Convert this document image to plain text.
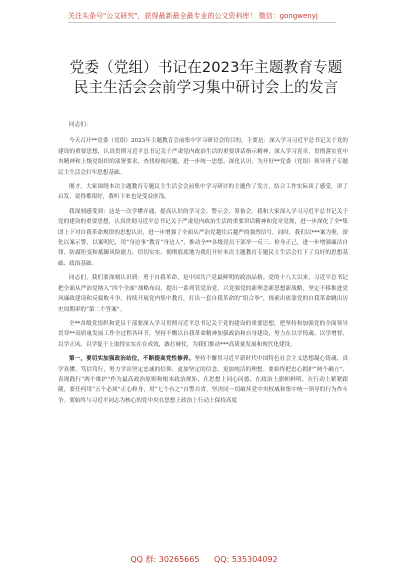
关注头条号"公文研究"，获得最新最全最专业的公文资料库！ 微信：gongwenyj
党委（党组）书记在2023年主题教育专题
民主生活会会前学习集中研讨会上的发言

同志们：

今天召开**党委（党组）2023年主题教育会前集中学习研讨会的目的，主要是：深入学习习近平总书记关于党的建设的重要思想，认真贯彻习近平总书记关于严肃党内政治生活的重要讲话指示精神，深入学习党章，贯彻落实党中央精神和上级党组织的部署要求，查找检视问题，进一步统一思想、深化认识，为开好**党委（党组）领导班子专题民主生活会打牢思想基础。

刚才，大家围绕本次主题教育专题民主生活会会前集中学习研讨的主题作了发言，结合工作实际谈了感受，讲了启发，说得都很好，我听下来也是受益匪浅。

我深刻感受到：这是一次学懂弄通、提高认识的学习会、警示会、筹备会。我和大家深入学习习近平总书记关于党的建设的重要思想，认真贯彻习近平总书记关于严肃党内政治生活的重要讲话精神和党章党规，进一步深化了全*集团上下对自我革命规律的思想认识，进一步增强了全面从严治党越往后越严的强烈信号。同时，我们以***案为鉴，深化以案示警，以案明纪，用“身边事”教育“身边人”，推动全**各级党员干部举一反三、检身正己，进一步增强廉洁自律、防腐拒变和抵御风险能力，切切实实、彻彻底底地为我们开好本次主题教育专题民主生活会打下了良好的思想基础、政治基础。

同志们，我们要深刻认识到：勇于自我革命，是中国共产党最鲜明的政治品格。党的十八大以来，习近平总书记把全面从严治党纳入“四个全面”战略布局，提出一系列管党治党、兴党强党的新理念新思想新战略，坚定不移推进党风廉政建设和反腐败斗争，持续开展党内集中教育，打出一套自我革命的“组合拳”，探索出依靠党的自我革命跳出历史周期率的“第二个答案”。

全**各级党组织和党员干部要深入学习贯彻习近平总书记关于党的建设的重要思想，把坚持和加强党的全面领导贯穿**高质量发展工作全过程各环节，坚持不懈以自我革命精神加强政治和自身建设，努力在以学铸魂、以学增智、以学正风、以学促干上取得实实在在成效，敢打硬仗，为我们推动***高质量发展和现代化建设。

第一，要切实加强政治站位，不断提高党性修养。坚持不懈用习近平新时代中国特色社会主义思想凝心铸魂、真学真懂、笃信笃行，努力学出坚定忠诚的信仰、更加坚定的信念、更加纯洁的理想。要始终把忠心拥护“两个确立”、表现践行“两个维护”作为最高政治原则和根本政治规矩，在思想上同心同德、在政治上旗帜鲜明、在行动上紧紧跟随，要任何用“五个必须”正心修身，用“七个有之”自警自省，坚决同一切破坏党中央权威和集中统一领导的行为作斗争。要始终与习近平同志为核心的党中央在思想上政治上行动上保持高度

QQ 群: 30265665 QQ: 535304092
